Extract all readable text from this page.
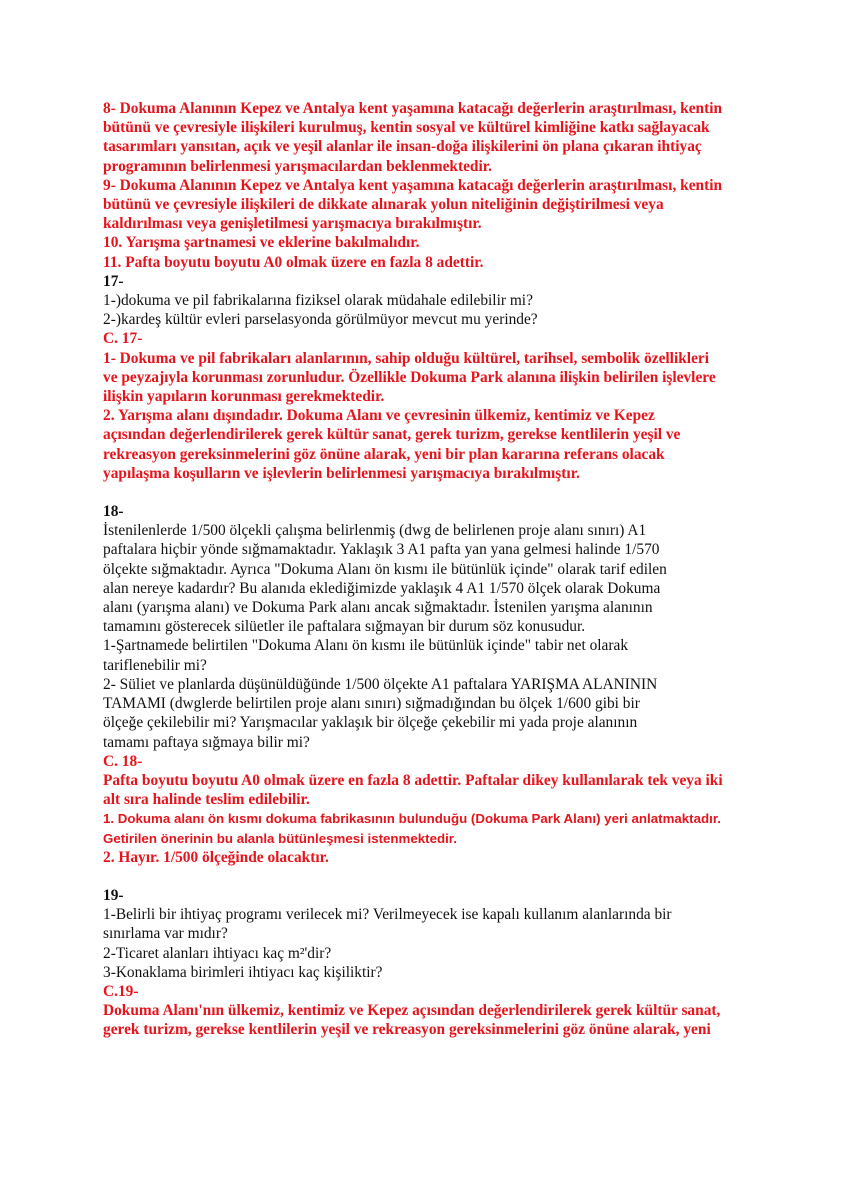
8- Dokuma Alanının Kepez ve Antalya kent yaşamına katacağı değerlerin araştırılması, kentin

bütünü ve çevresiyle ilişkileri kurulmuş, kentin sosyal ve kültürel kimliğine katkı sağlayacak

tasarımları yansıtan, açık ve yeşil alanlar ile insan-doğa ilişkilerini ön plana çıkaran ihtiyaç

programının belirlenmesi yarışmacılardan beklenmektedir.

9- Dokuma Alanının Kepez ve Antalya kent yaşamına katacağı değerlerin araştırılması, kentin

bütünü ve çevresiyle ilişkileri de dikkate alınarak yolun niteliğinin değiştirilmesi veya

kaldırılması veya genişletilmesi yarışmacıya bırakılmıştır.

10. Yarışma şartnamesi ve eklerine bakılmalıdır.

11. Pafta boyutu boyutu A0 olmak üzere en fazla 8 adettir.

17-

1-)dokuma ve pil fabrikalarına fiziksel olarak müdahale edilebilir mi?

2-)kardeş kültür evleri parselasyonda görülmüyor mevcut mu yerinde?

C. 17-

1- Dokuma ve pil fabrikaları alanlarının, sahip olduğu kültürel, tarihsel, sembolik özellikleri

ve peyzajıyla korunması zorunludur. Özellikle Dokuma Park alanına ilişkin belirilen işlevlere

ilişkin yapıların korunması gerekmektedir.

2. Yarışma alanı dışındadır. Dokuma Alanı ve çevresinin ülkemiz, kentimiz ve Kepez

açısından değerlendirilerek gerek kültür sanat, gerek turizm, gerekse kentlilerin yeşil ve

rekreasyon gereksinmelerini göz önüne alarak, yeni bir plan kararına referans olacak

yapılaşma koşulların ve işlevlerin belirlenmesi yarışmacıya bırakılmıştır.

18-

İstenilenlerde 1/500 ölçekli çalışma belirlenmiş (dwg de belirlenen proje alanı sınırı) A1

paftalara hiçbir yönde sığmamaktadır. Yaklaşık 3 A1 pafta yan yana gelmesi halinde 1/570

ölçekte sığmaktadır. Ayrıca "Dokuma Alanı ön kısmı ile bütünlük içinde" olarak tarif edilen

alan nereye kadardır? Bu alanıda eklediğimizde yaklaşık 4 A1 1/570 ölçek olarak Dokuma

alanı (yarışma alanı) ve Dokuma Park alanı ancak sığmaktadır. İstenilen yarışma alanının

tamamını gösterecek silüetler ile paftalara sığmayan bir durum söz konusudur.

1-Şartnamede belirtilen "Dokuma Alanı ön kısmı ile bütünlük içinde" tabir net olarak

tariflenebilir mi?

2- Süliet ve planlarda düşünüldüğünde 1/500 ölçekte A1 paftalara YARIŞMA ALANININ

TAMAMI (dwglerde belirtilen proje alanı sınırı) sığmadığından bu ölçek 1/600 gibi bir

ölçeğe çekilebilir mi? Yarışmacılar yaklaşık bir ölçeğe çekebilir mi yada proje alanının

tamamı paftaya sığmaya bilir mi?

C. 18-

Pafta boyutu boyutu A0 olmak üzere en fazla 8 adettir. Paftalar dikey kullanılarak tek veya iki

alt sıra halinde teslim edilebilir.

1. Dokuma alanı ön kısmı dokuma fabrikasının bulunduğu (Dokuma Park Alanı) yeri anlatmaktadır.

Getirilen önerinin bu alanla bütünleşmesi istenmektedir.

2. Hayır. 1/500 ölçeğinde olacaktır.

19-

1-Belirli bir ihtiyaç programı verilecek mi? Verilmeyecek ise kapalı kullanım alanlarında bir

sınırlama var mıdır?

2-Ticaret alanları ihtiyacı kaç m²'dir?

3-Konaklama birimleri ihtiyacı kaç kişiliktir?

C.19-

Dokuma Alanı'nın ülkemiz, kentimiz ve Kepez açısından değerlendirilerek gerek kültür sanat,

gerek turizm, gerekse kentlilerin yeşil ve rekreasyon gereksinmelerini göz önüne alarak, yeni
